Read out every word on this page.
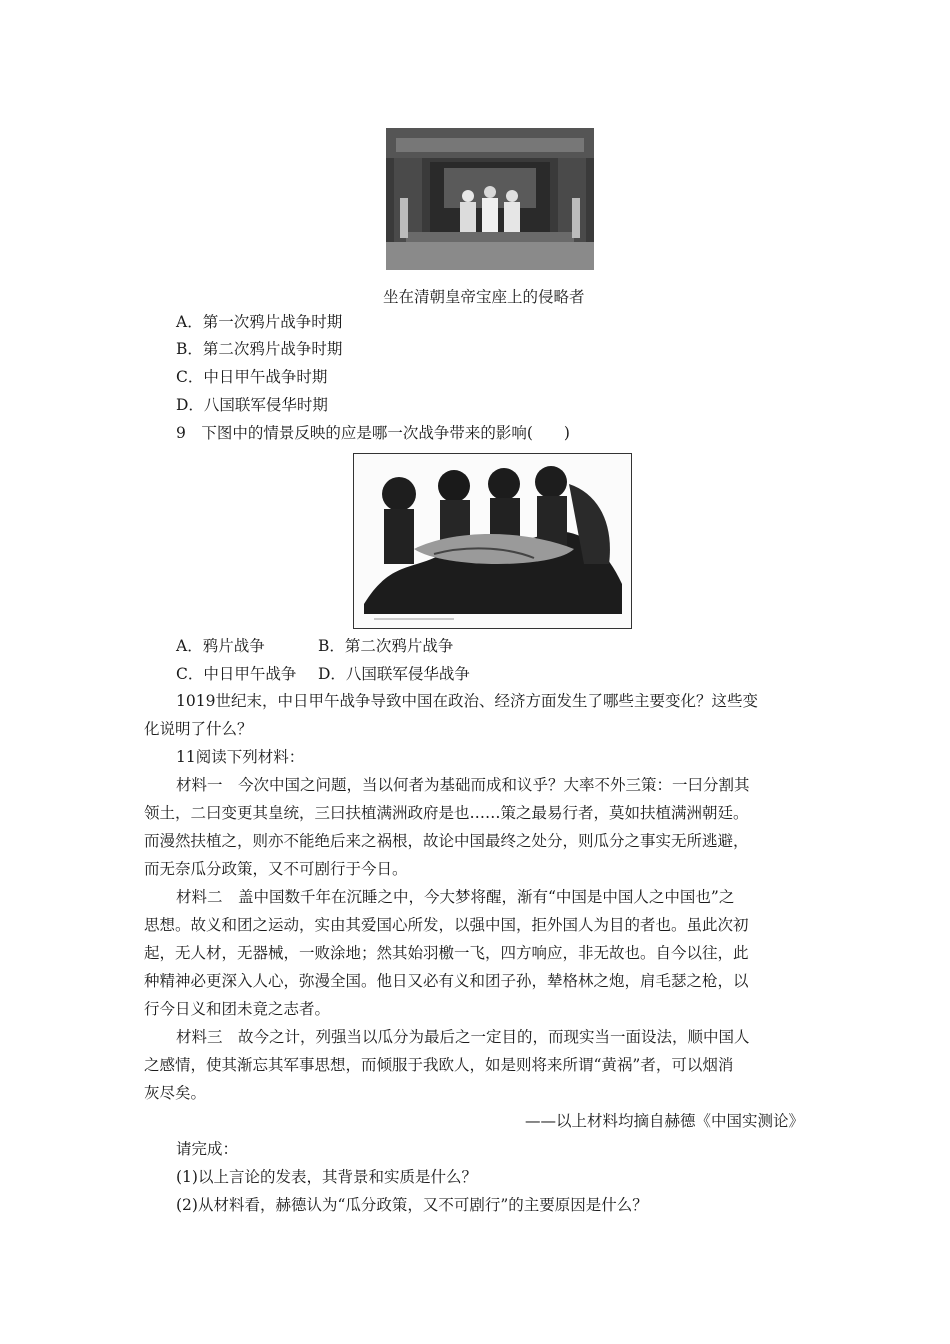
坐在清朝皇帝宝座上的侵略者
A．第一次鸦片战争时期
B．第二次鸦片战争时期
C．中日甲午战争时期
D．八国联军侵华时期
9　下图中的情景反映的应是哪一次战争带来的影响(　　)
A．鸦片战争	B．第二次鸦片战争
C．中日甲午战争 D．八国联军侵华战争
1019世纪末，中日甲午战争导致中国在政治、经济方面发生了哪些主要变化？这些变
化说明了什么？
11阅读下列材料：
材料一　今次中国之问题，当以何者为基础而成和议乎？大率不外三策：一曰分割其
领土，二曰变更其皇统，三曰扶植满洲政府是也……策之最易行者，莫如扶植满洲朝廷。
而漫然扶植之，则亦不能绝后来之祸根，故论中国最终之处分，则瓜分之事实无所逃避，
而无奈瓜分政策，又不可剧行于今日。
材料二　盖中国数千年在沉睡之中，今大梦将醒，渐有“中国是中国人之中国也”之
思想。故义和团之运动，实由其爱国心所发，以强中国，拒外国人为目的者也。虽此次初
起，无人材，无器械，一败涂地；然其始羽檄一飞，四方响应，非无故也。自今以往，此
种精神必更深入人心，弥漫全国。他日又必有义和团子孙，辇格林之炮，肩毛瑟之枪，以
行今日义和团未竟之志者。
材料三　故今之计，列强当以瓜分为最后之一定目的，而现实当一面设法，顺中国人
之感情，使其渐忘其军事思想，而倾服于我欧人，如是则将来所谓“黄祸”者，可以烟消
灰尽矣。
——以上材料均摘自赫德《中国实测论》
请完成：
(1)以上言论的发表，其背景和实质是什么？
(2)从材料看，赫德认为“瓜分政策，又不可剧行”的主要原因是什么？
